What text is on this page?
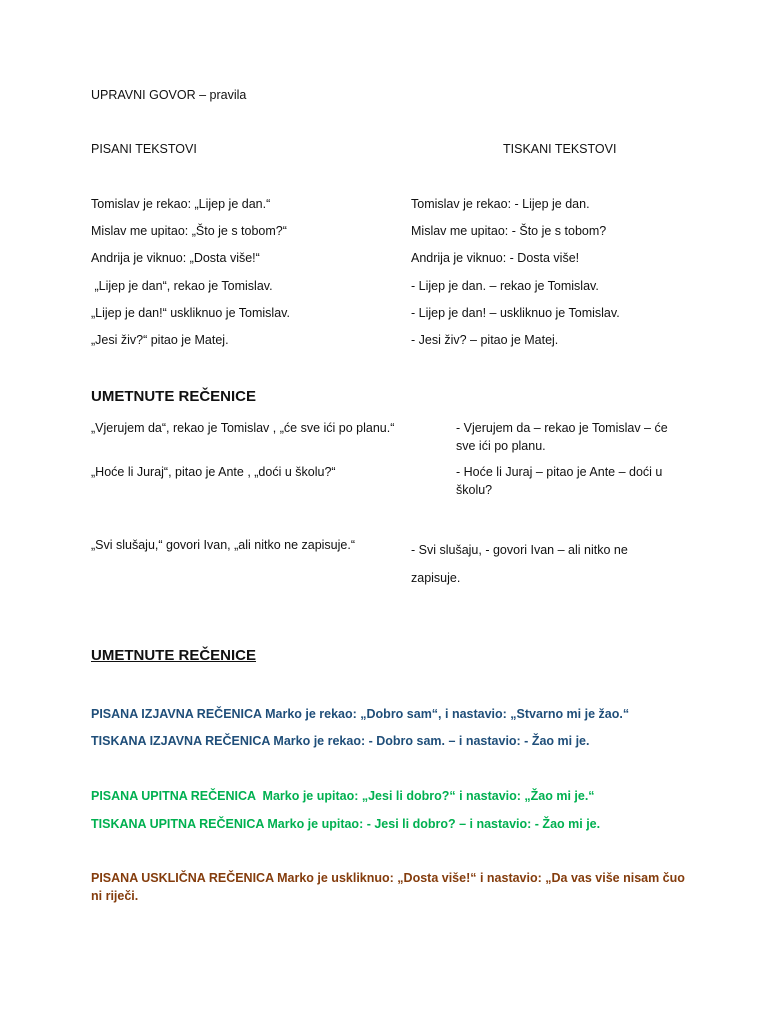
UPRAVNI GOVOR – pravila
PISANI TEKSTOVI	TISKANI TEKSTOVI
Tomislav je rekao: „Lijep je dan.“	Tomislav je rekao: - Lijep je dan.
Mislav me upitao: „Što je s tobom?“	Mislav me upitao: - Što je s tobom?
Andrija je viknuo: „Dosta više!“	Andrija je viknuo: - Dosta više!
„Lijep je dan“, rekao je Tomislav.	- Lijep je dan. – rekao je Tomislav.
„Lijep je dan!“ uskliknuo je Tomislav.	- Lijep je dan! – uskliknuo je Tomislav.
„Jesi živ?“ pitao je Matej.	- Jesi živ? – pitao je Matej.
UMETNUTE REČENICE
„Vjerujem da“, rekao je Tomislav , „će sve ići po planu.“	- Vjerujem da – rekao je Tomislav – će sve ići po planu.
„Hoće li Juraj“, pitao je Ante , „doći u školu?“	- Hoće li Juraj – pitao je Ante – doći u školu?
„Svi slušaju,“ govori Ivan, „ali nitko ne zapisuje.“	- Svi slušaju, - govori Ivan – ali nitko ne zapisuje.
UMETNUTE REČENICE
PISANA IZJAVNA REČENICA Marko je rekao: „Dobro sam“, i nastavio: „Stvarno mi je žao.“
TISKANA IZJAVNA REČENICA Marko je rekao: - Dobro sam. – i nastavio: - Žao mi je.
PISANA UPITNA REČENICA  Marko je upitao: „Jesi li dobro?“ i nastavio: „Žao mi je.“
TISKANA UPITNA REČENICA Marko je upitao: - Jesi li dobro? – i nastavio: - Žao mi je.
PISANA USKLIČNA REČENICA Marko je uskliknuo: „Dosta više!“ i nastavio: „Da vas više nisam čuo ni riječi.
